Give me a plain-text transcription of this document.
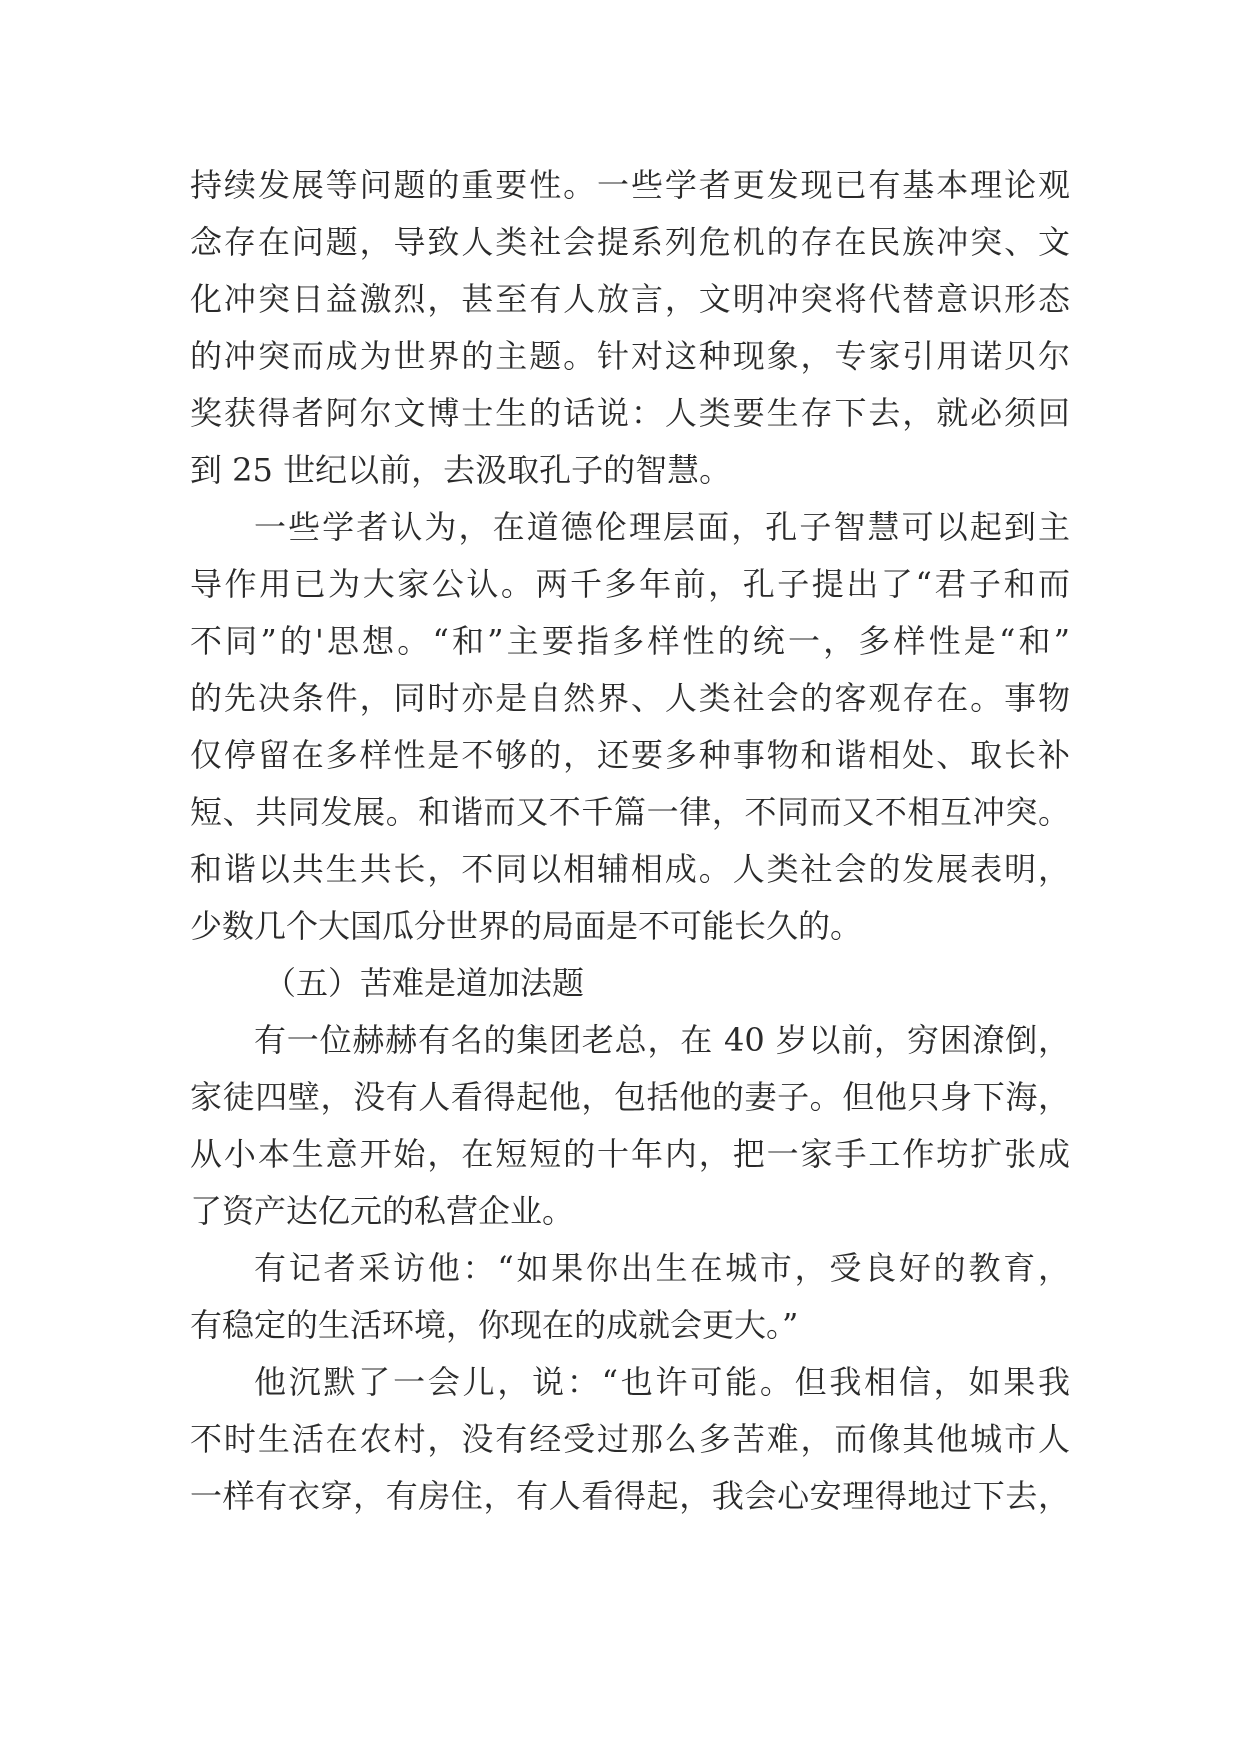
持续发展等问题的重要性。一些学者更发现已有基本理论观
念存在问题，导致人类社会提系列危机的存在民族冲突、文
化冲突日益激烈，甚至有人放言，文明冲突将代替意识形态
的冲突而成为世界的主题。针对这种现象，专家引用诺贝尔
奖获得者阿尔文博士生的话说：人类要生存下去，就必须回
到 25 世纪以前，去汲取孔子的智慧。
一些学者认为，在道德伦理层面，孔子智慧可以起到主
导作用已为大家公认。两千多年前，孔子提出了“君子和而
不同”的'思想。“和”主要指多样性的统一，多样性是“和”
的先决条件，同时亦是自然界、人类社会的客观存在。事物
仅停留在多样性是不够的，还要多种事物和谐相处、取长补
短、共同发展。和谐而又不千篇一律，不同而又不相互冲突。
和谐以共生共长，不同以相辅相成。人类社会的发展表明，
少数几个大国瓜分世界的局面是不可能长久的。
（五）苦难是道加法题
有一位赫赫有名的集团老总，在 40 岁以前，穷困潦倒，
家徒四壁，没有人看得起他，包括他的妻子。但他只身下海，
从小本生意开始，在短短的十年内，把一家手工作坊扩张成
了资产达亿元的私营企业。
有记者采访他：“如果你出生在城市，受良好的教育，
有稳定的生活环境，你现在的成就会更大。”
他沉默了一会儿，说：“也许可能。但我相信，如果我
不时生活在农村，没有经受过那么多苦难，而像其他城市人
一样有衣穿，有房住，有人看得起，我会心安理得地过下去，
